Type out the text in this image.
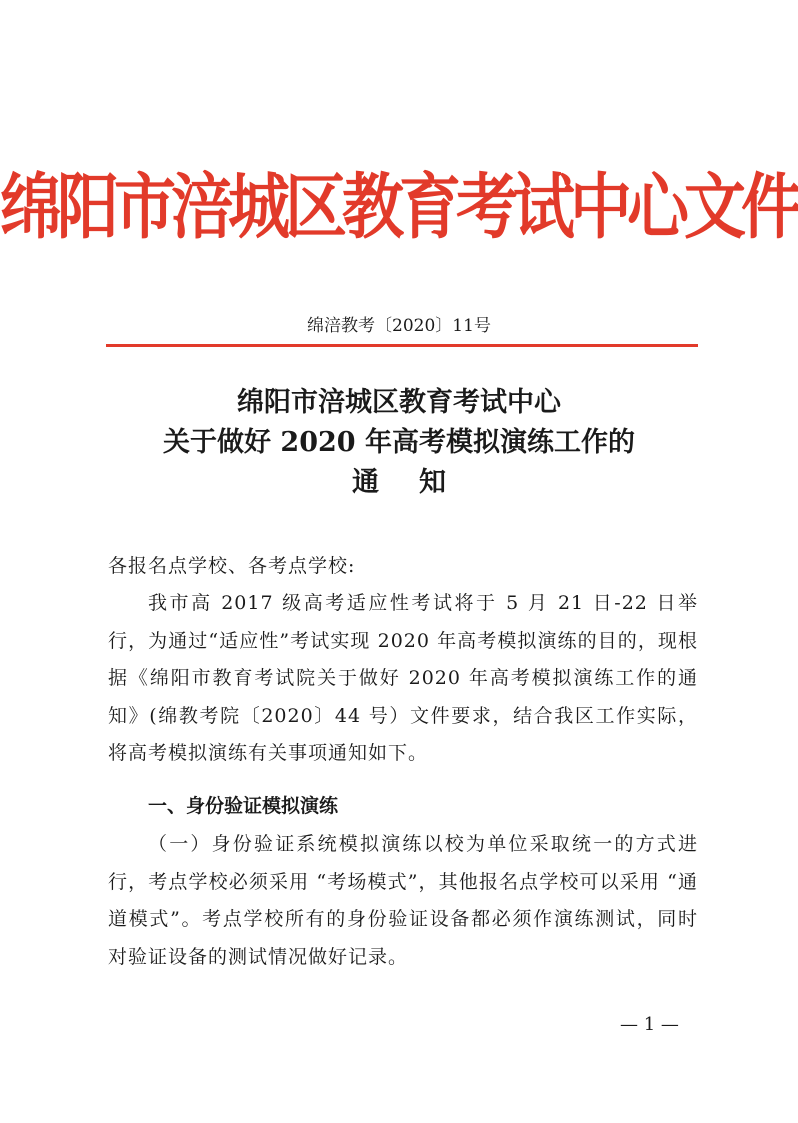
绵阳市涪城区教育考试中心文件
绵涪教考〔2020〕11号
绵阳市涪城区教育考试中心
关于做好 2020 年高考模拟演练工作的
通知
各报名点学校、各考点学校:
我市高 2017 级高考适应性考试将于 5 月 21 日-22 日举行，为通过“适应性”考试实现 2020 年高考模拟演练的目的，现根据《绵阳市教育考试院关于做好 2020 年高考模拟演练工作的通知》(绵教考院〔2020〕44 号）文件要求，结合我区工作实际，将高考模拟演练有关事项通知如下。
一、身份验证模拟演练
（一）身份验证系统模拟演练以校为单位采取统一的方式进行，考点学校必须采用 “考场模式”，其他报名点学校可以采用 “通道模式”。考点学校所有的身份验证设备都必须作演练测试，同时对验证设备的测试情况做好记录。
— 1 —
